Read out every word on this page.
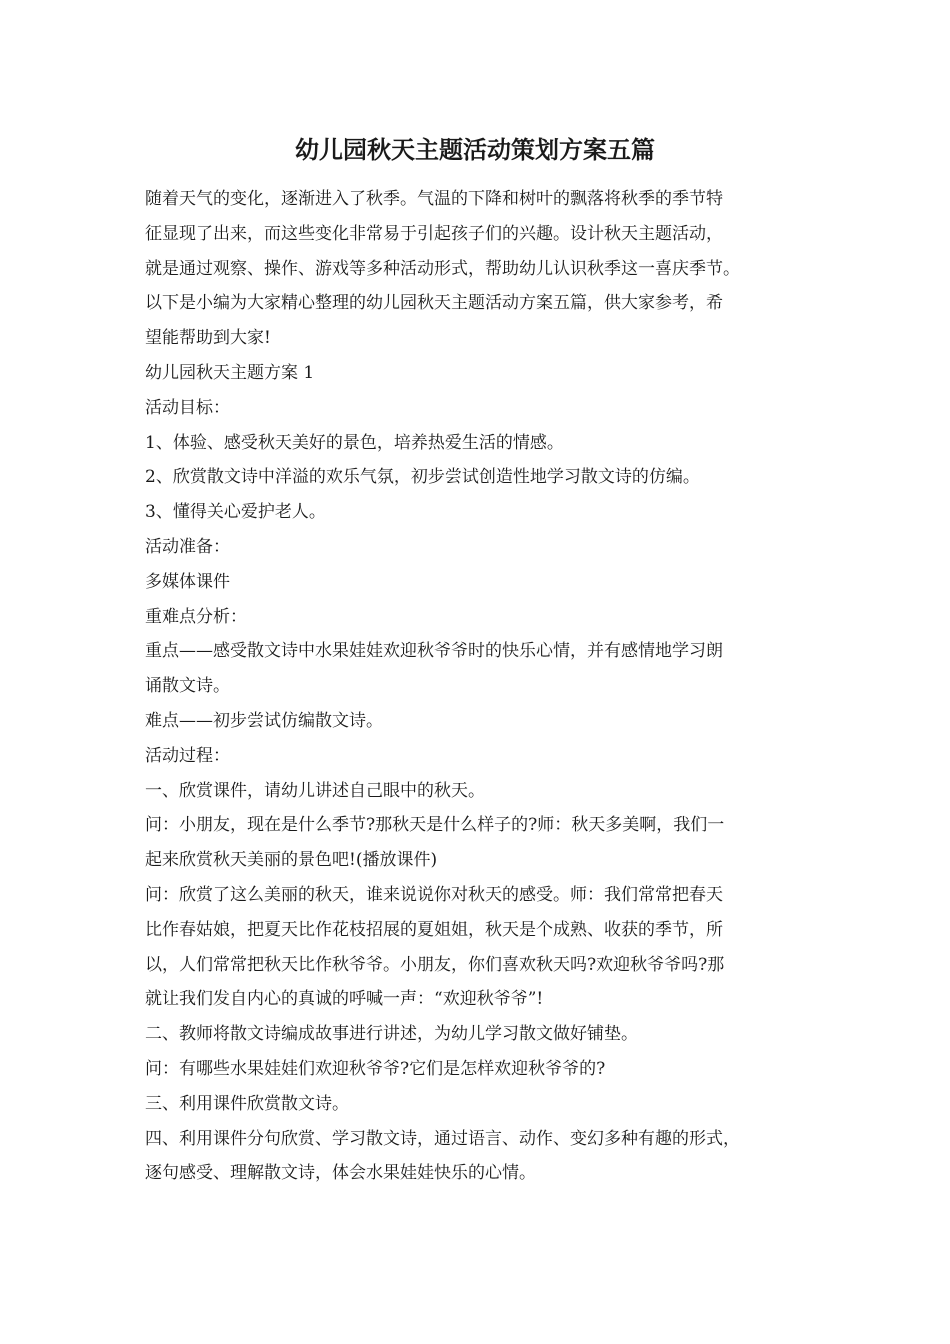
幼儿园秋天主题活动策划方案五篇

随着天气的变化，逐渐进入了秋季。气温的下降和树叶的飘落将秋季的季节特

征显现了出来，而这些变化非常易于引起孩子们的兴趣。设计秋天主题活动，

就是通过观察、操作、游戏等多种活动形式，帮助幼儿认识秋季这一喜庆季节。

以下是小编为大家精心整理的幼儿园秋天主题活动方案五篇，供大家参考，希

望能帮助到大家!

幼儿园秋天主题方案 1

活动目标：

1、体验、感受秋天美好的景色，培养热爱生活的情感。

2、欣赏散文诗中洋溢的欢乐气氛，初步尝试创造性地学习散文诗的仿编。

3、懂得关心爱护老人。

活动准备：

多媒体课件

重难点分析：

重点——感受散文诗中水果娃娃欢迎秋爷爷时的快乐心情，并有感情地学习朗

诵散文诗。

难点——初步尝试仿编散文诗。

活动过程：

一、欣赏课件，请幼儿讲述自己眼中的秋天。

问：小朋友，现在是什么季节?那秋天是什么样子的?师：秋天多美啊，我们一

起来欣赏秋天美丽的景色吧!(播放课件)

问：欣赏了这么美丽的秋天，谁来说说你对秋天的感受。师：我们常常把春天

比作春姑娘，把夏天比作花枝招展的夏姐姐，秋天是个成熟、收获的季节，所

以，人们常常把秋天比作秋爷爷。小朋友，你们喜欢秋天吗?欢迎秋爷爷吗?那

就让我们发自内心的真诚的呼喊一声：“欢迎秋爷爷”!

二、教师将散文诗编成故事进行讲述，为幼儿学习散文做好铺垫。

问：有哪些水果娃娃们欢迎秋爷爷?它们是怎样欢迎秋爷爷的?

三、利用课件欣赏散文诗。

四、利用课件分句欣赏、学习散文诗，通过语言、动作、变幻多种有趣的形式，

逐句感受、理解散文诗，体会水果娃娃快乐的心情。
